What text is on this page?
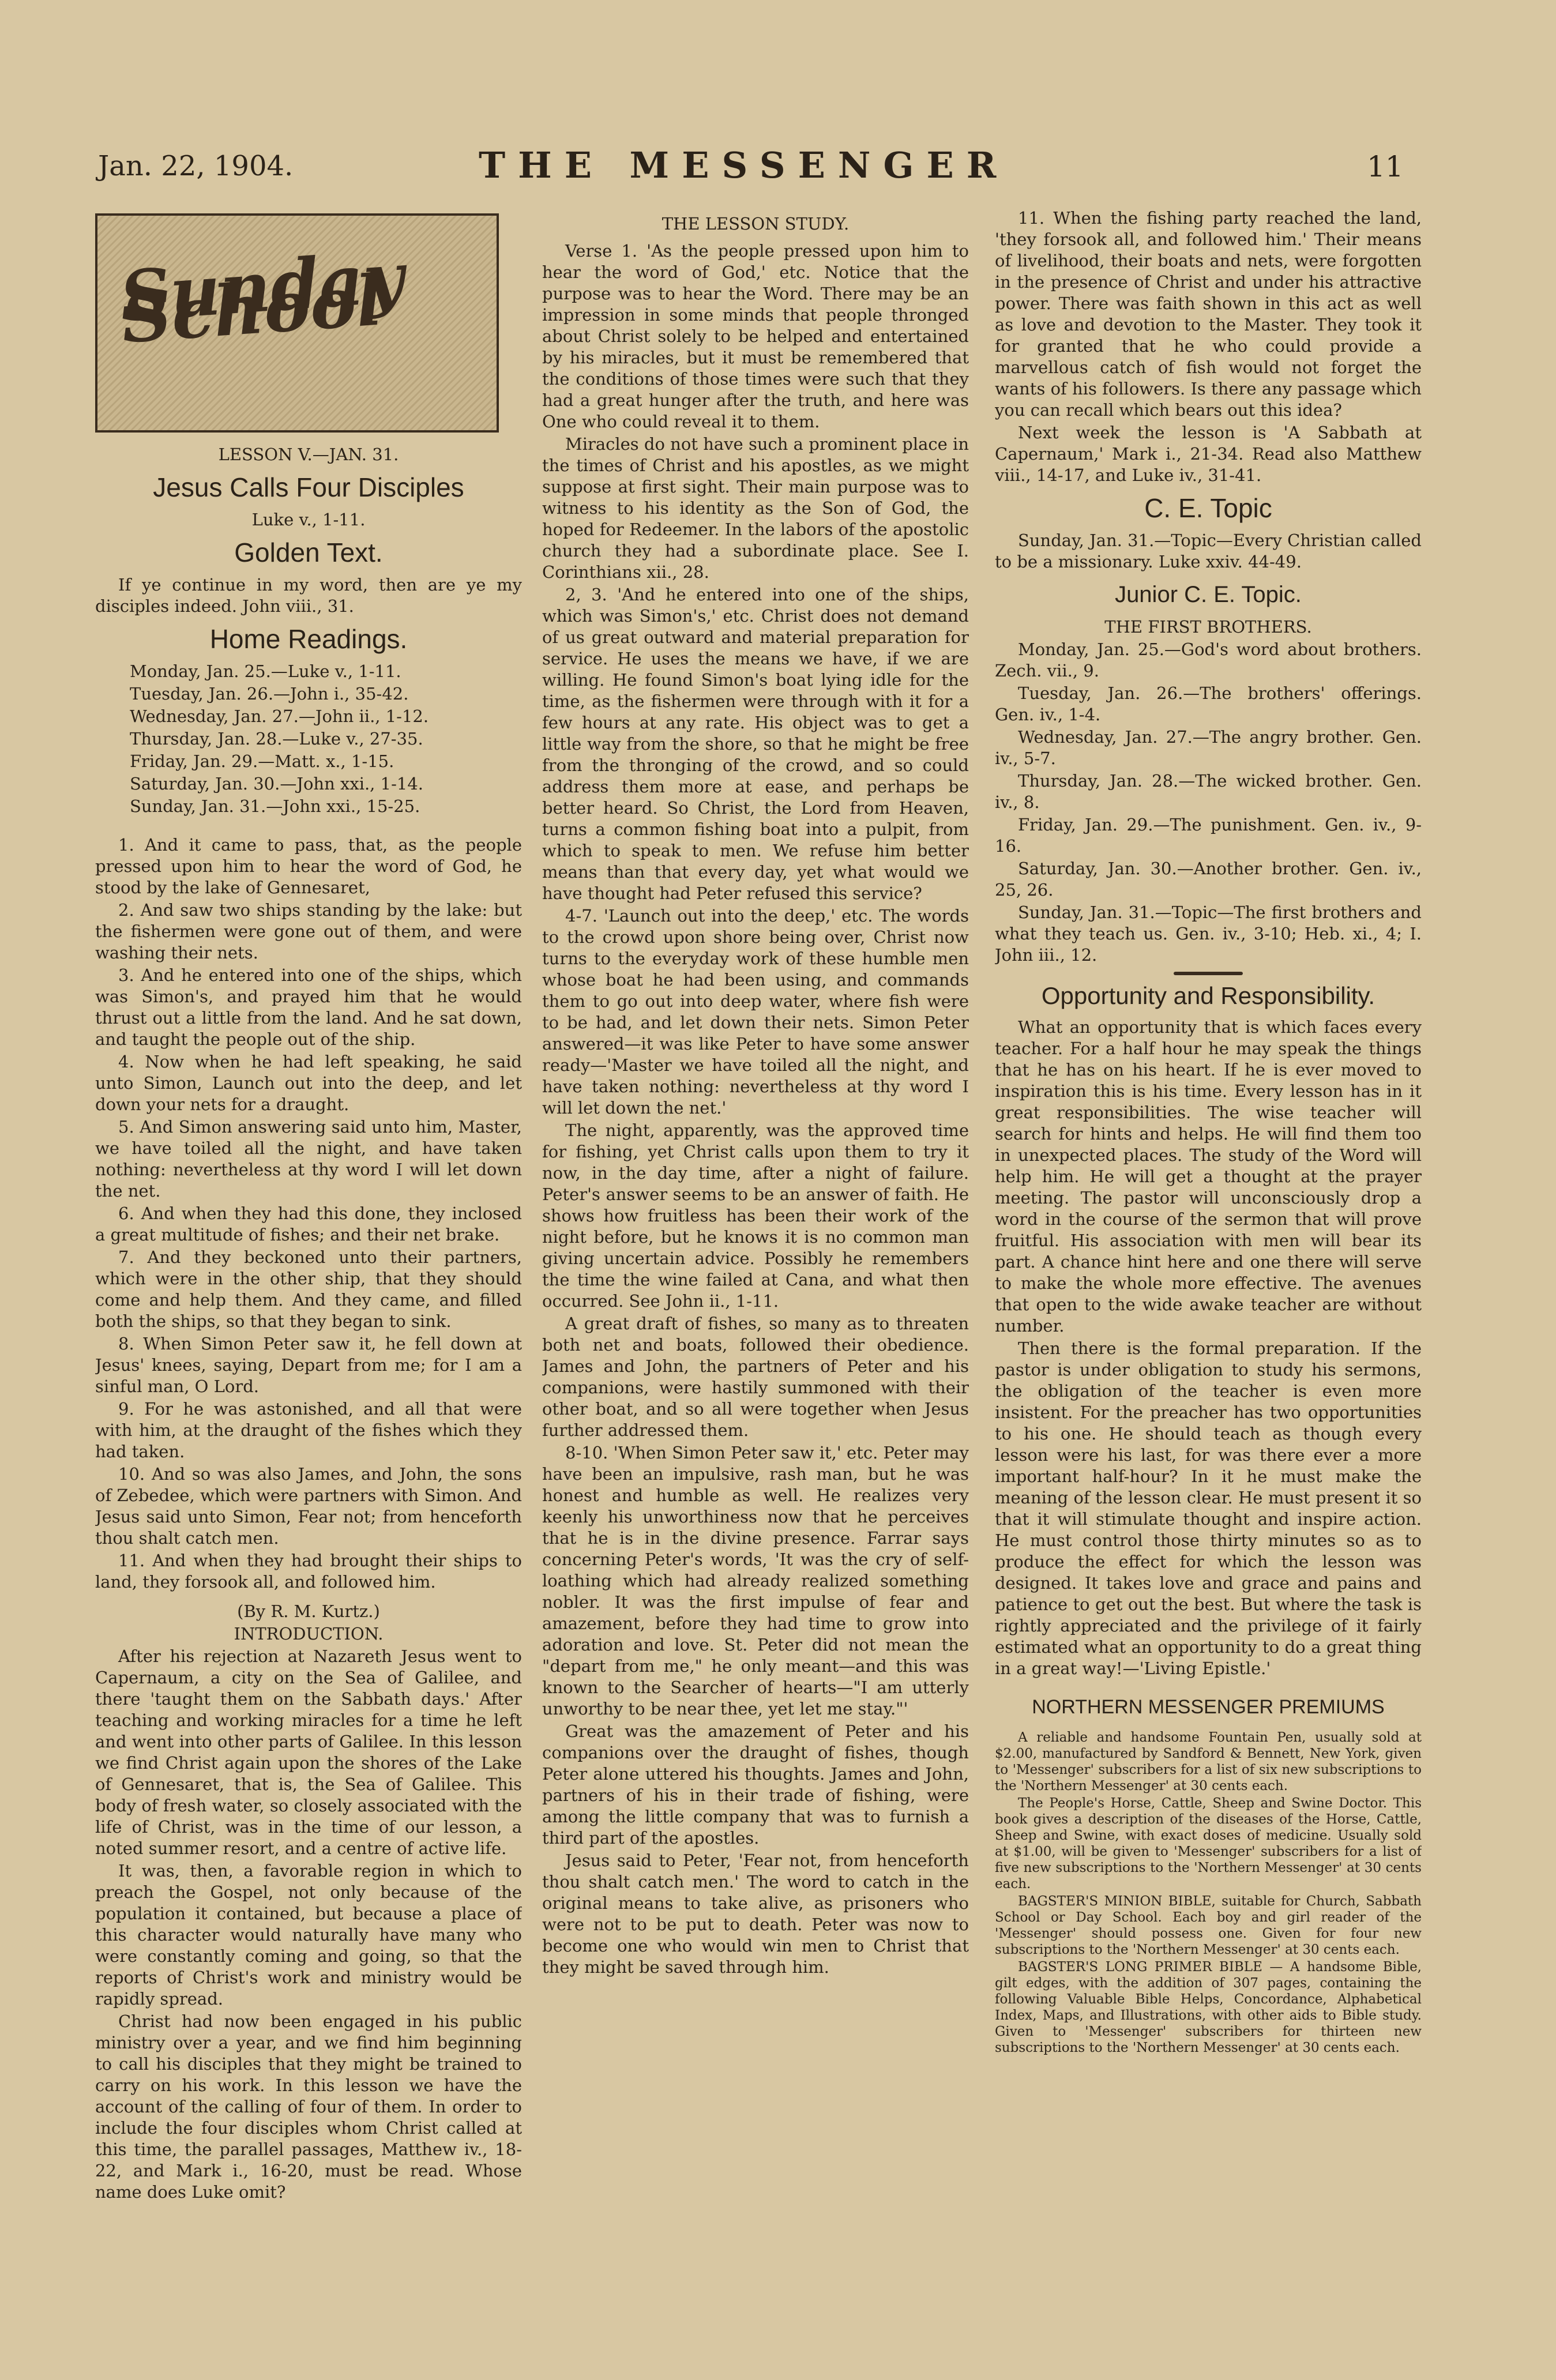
Jan. 22, 1904.	THE MESSENGER	11
Sunday School

LESSON V.—JAN. 31.

Jesus Calls Four Disciples

Luke v., 1-11.

Golden Text.

If ye continue in my word, then are ye my disciples indeed. John viii., 31.

Home Readings.

Monday, Jan. 25.—Luke v., 1-11.

Tuesday, Jan. 26.—John i., 35-42.

Wednesday, Jan. 27.—John ii., 1-12.

Thursday, Jan. 28.—Luke v., 27-35.

Friday, Jan. 29.—Matt. x., 1-15.

Saturday, Jan. 30.—John xxi., 1-14.

Sunday, Jan. 31.—John xxi., 15-25.

1. And it came to pass, that, as the people pressed upon him to hear the word of God, he stood by the lake of Gennesaret,

2. And saw two ships standing by the lake: but the fishermen were gone out of them, and were washing their nets.

3. And he entered into one of the ships, which was Simon's, and prayed him that he would thrust out a little from the land. And he sat down, and taught the people out of the ship.

4. Now when he had left speaking, he said unto Simon, Launch out into the deep, and let down your nets for a draught.

5. And Simon answering said unto him, Master, we have toiled all the night, and have taken nothing: nevertheless at thy word I will let down the net.

6. And when they had this done, they inclosed a great multitude of fishes; and their net brake.

7. And they beckoned unto their partners, which were in the other ship, that they should come and help them. And they came, and filled both the ships, so that they began to sink.

8. When Simon Peter saw it, he fell down at Jesus' knees, saying, Depart from me; for I am a sinful man, O Lord.

9. For he was astonished, and all that were with him, at the draught of the fishes which they had taken.

10. And so was also James, and John, the sons of Zebedee, which were partners with Simon. And Jesus said unto Simon, Fear not; from henceforth thou shalt catch men.

11. And when they had brought their ships to land, they forsook all, and followed him.

(By R. M. Kurtz.)

INTRODUCTION.

After his rejection at Nazareth Jesus went to Capernaum, a city on the Sea of Galilee, and there 'taught them on the Sabbath days.' After teaching and working miracles for a time he left and went into other parts of Galilee. In this lesson we find Christ again upon the shores of the Lake of Gennesaret, that is, the Sea of Galilee. This body of fresh water, so closely associated with the life of Christ, was in the time of our lesson, a noted summer resort, and a centre of active life.

It was, then, a favorable region in which to preach the Gospel, not only because of the population it contained, but because a place of this character would naturally have many who were constantly coming and going, so that the reports of Christ's work and ministry would be rapidly spread.

Christ had now been engaged in his public ministry over a year, and we find him beginning to call his disciples that they might be trained to carry on his work. In this lesson we have the account of the calling of four of them. In order to include the four disciples whom Christ called at this time, the parallel passages, Matthew iv., 18-22, and Mark i., 16-20, must be read. Whose name does Luke omit?

THE LESSON STUDY.

Verse 1. 'As the people pressed upon him to hear the word of God,' etc. Notice that the purpose was to hear the Word. There may be an impression in some minds that people thronged about Christ solely to be helped and entertained by his miracles, but it must be remembered that the conditions of those times were such that they had a great hunger after the truth, and here was One who could reveal it to them.

Miracles do not have such a prominent place in the times of Christ and his apostles, as we might suppose at first sight. Their main purpose was to witness to his identity as the Son of God, the hoped for Redeemer. In the labors of the apostolic church they had a subordinate place. See I. Corinthians xii., 28.

2, 3. 'And he entered into one of the ships, which was Simon's,' etc. Christ does not demand of us great outward and material preparation for service. He uses the means we have, if we are willing. He found Simon's boat lying idle for the time, as the fishermen were through with it for a few hours at any rate. His object was to get a little way from the shore, so that he might be free from the thronging of the crowd, and so could address them more at ease, and perhaps be better heard. So Christ, the Lord from Heaven, turns a common fishing boat into a pulpit, from which to speak to men. We refuse him better means than that every day, yet what would we have thought had Peter refused this service?

4-7. 'Launch out into the deep,' etc. The words to the crowd upon shore being over, Christ now turns to the everyday work of these humble men whose boat he had been using, and commands them to go out into deep water, where fish were to be had, and let down their nets. Simon Peter answered—it was like Peter to have some answer ready—'Master we have toiled all the night, and have taken nothing: nevertheless at thy word I will let down the net.'

The night, apparently, was the approved time for fishing, yet Christ calls upon them to try it now, in the day time, after a night of failure. Peter's answer seems to be an answer of faith. He shows how fruitless has been their work of the night before, but he knows it is no common man giving uncertain advice. Possibly he remembers the time the wine failed at Cana, and what then occurred. See John ii., 1-11.

A great draft of fishes, so many as to threaten both net and boats, followed their obedience. James and John, the partners of Peter and his companions, were hastily summoned with their other boat, and so all were together when Jesus further addressed them.

8-10. 'When Simon Peter saw it,' etc. Peter may have been an impulsive, rash man, but he was honest and humble as well. He realizes very keenly his unworthiness now that he perceives that he is in the divine presence. Farrar says concerning Peter's words, 'It was the cry of self-loathing which had already realized something nobler. It was the first impulse of fear and amazement, before they had time to grow into adoration and love. St. Peter did not mean the "depart from me," he only meant—and this was known to the Searcher of hearts—"I am utterly unworthy to be near thee, yet let me stay."'

Great was the amazement of Peter and his companions over the draught of fishes, though Peter alone uttered his thoughts. James and John, partners of his in their trade of fishing, were among the little company that was to furnish a third part of the apostles.

Jesus said to Peter, 'Fear not, from henceforth thou shalt catch men.' The word to catch in the original means to take alive, as prisoners who were not to be put to death. Peter was now to become one who would win men to Christ that they might be saved through him.

11. When the fishing party reached the land, 'they forsook all, and followed him.' Their means of livelihood, their boats and nets, were forgotten in the presence of Christ and under his attractive power. There was faith shown in this act as well as love and devotion to the Master. They took it for granted that he who could provide a marvellous catch of fish would not forget the wants of his followers. Is there any passage which you can recall which bears out this idea?

Next week the lesson is 'A Sabbath at Capernaum,' Mark i., 21-34. Read also Matthew viii., 14-17, and Luke iv., 31-41.

C. E. Topic

Sunday, Jan. 31.—Topic—Every Christian called to be a missionary. Luke xxiv. 44-49.

Junior C. E. Topic.

THE FIRST BROTHERS.

Monday, Jan. 25.—God's word about brothers. Zech. vii., 9.

Tuesday, Jan. 26.—The brothers' offerings. Gen. iv., 1-4.

Wednesday, Jan. 27.—The angry brother. Gen. iv., 5-7.

Thursday, Jan. 28.—The wicked brother. Gen. iv., 8.

Friday, Jan. 29.—The punishment. Gen. iv., 9-16.

Saturday, Jan. 30.—Another brother. Gen. iv., 25, 26.

Sunday, Jan. 31.—Topic—The first brothers and what they teach us. Gen. iv., 3-10; Heb. xi., 4; I. John iii., 12.

Opportunity and Responsibility.

What an opportunity that is which faces every teacher. For a half hour he may speak the things that he has on his heart. If he is ever moved to inspiration this is his time. Every lesson has in it great responsibilities. The wise teacher will search for hints and helps. He will find them too in unexpected places. The study of the Word will help him. He will get a thought at the prayer meeting. The pastor will unconsciously drop a word in the course of the sermon that will prove fruitful. His association with men will bear its part. A chance hint here and one there will serve to make the whole more effective. The avenues that open to the wide awake teacher are without number.

Then there is the formal preparation. If the pastor is under obligation to study his sermons, the obligation of the teacher is even more insistent. For the preacher has two opportunities to his one. He should teach as though every lesson were his last, for was there ever a more important half-hour? In it he must make the meaning of the lesson clear. He must present it so that it will stimulate thought and inspire action. He must control those thirty minutes so as to produce the effect for which the lesson was designed. It takes love and grace and pains and patience to get out the best. But where the task is rightly appreciated and the privilege of it fairly estimated what an opportunity to do a great thing in a great way!—'Living Epistle.'

NORTHERN MESSENGER PREMIUMS

A reliable and handsome Fountain Pen, usually sold at $2.00, manufactured by Sandford & Bennett, New York, given to 'Messenger' subscribers for a list of six new subscriptions to the 'Northern Messenger' at 30 cents each.

The People's Horse, Cattle, Sheep and Swine Doctor. This book gives a description of the diseases of the Horse, Cattle, Sheep and Swine, with exact doses of medicine. Usually sold at $1.00, will be given to 'Messenger' subscribers for a list of five new subscriptions to the 'Northern Messenger' at 30 cents each.

BAGSTER'S MINION BIBLE, suitable for Church, Sabbath School or Day School. Each boy and girl reader of the 'Messenger' should possess one. Given for four new subscriptions to the 'Northern Messenger' at 30 cents each.

BAGSTER'S LONG PRIMER BIBLE — A handsome Bible, gilt edges, with the addition of 307 pages, containing the following Valuable Bible Helps, Concordance, Alphabetical Index, Maps, and Illustrations, with other aids to Bible study. Given to 'Messenger' subscribers for thirteen new subscriptions to the 'Northern Messenger' at 30 cents each.
